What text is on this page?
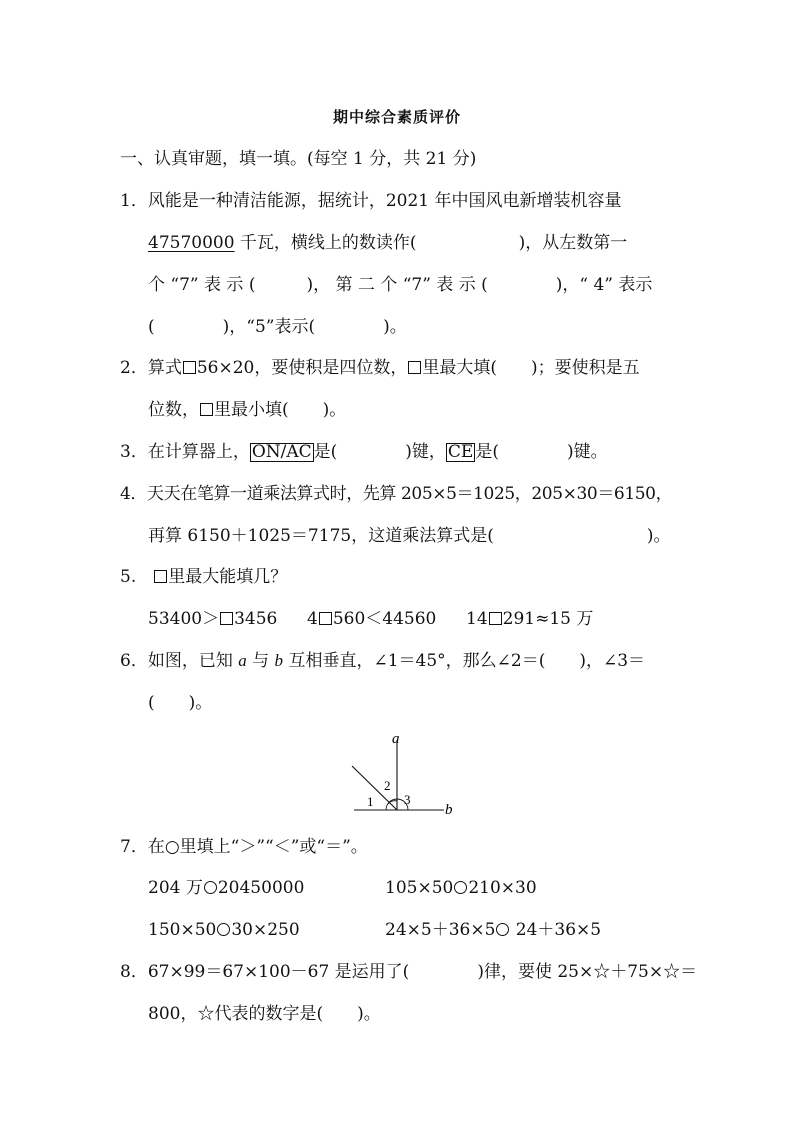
期中综合素质评价
一、认真审题，填一填。(每空 1 分，共 21 分)
1．风能是一种清洁能源，据统计，2021 年中国风电新增装机容量
47570000 千瓦，横线上的数读作(　　　　　　)，从左数第一
个 “7” 表 示 (　　　)， 第 二 个 “7” 表 示 (　　　　)，“ 4” 表示
(　　　　)，“5”表示(　　　　)。
2．算式 56×20，要使积是四位数， 里最大填(　　)；要使积是五
位数， 里最小填(　　)。
3．在计算器上， ON/AC 是(　　　　)键， CE 是(　　　　)键。
4．天天在笔算一道乘法算式时，先算 205×5＝1025，205×30＝6150，
再算 6150＋1025＝7175，这道乘法算式是(　　　　　　　　　)。
5.　里最大能填几？
53400＞ 3456 4 560＜44560 14 291≈15 万
6．如图，已知 a 与 b 互相垂直，∠1＝45°，那么∠2＝(　　)，∠3＝
(　　)。
a
b
1
2
3
7．在○里填上“＞”“＜”或“＝”。
204 万 20450000	105×50 210×30
150×50 30×250	24×5＋36×5 24＋36×5
8．67×99＝67×100－67 是运用了(　　　　)律，要使 25×☆＋75×☆＝
800，☆代表的数字是(　　)。
